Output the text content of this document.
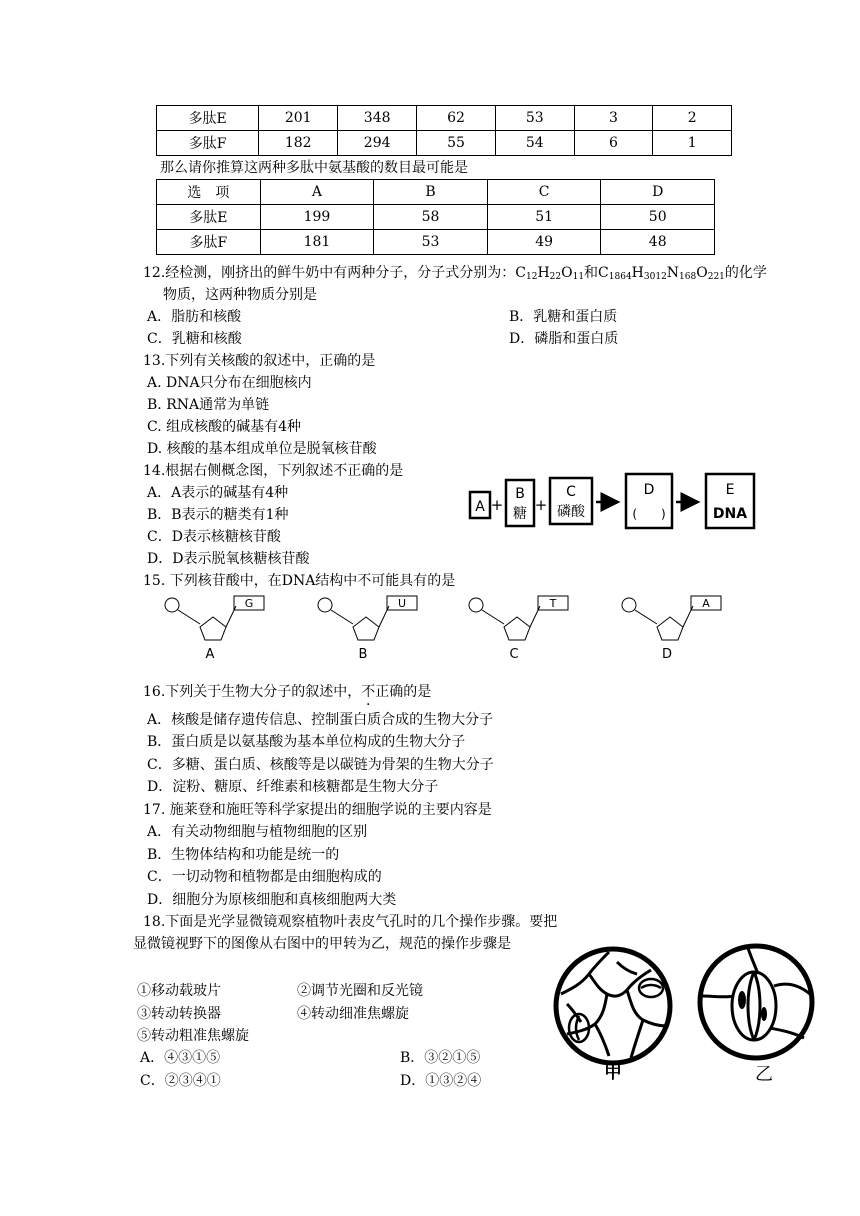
多肽E	201	348	62	53	3	2
多肽F	182	294	55	54	6	1
那么请你推算这两种多肽中氨基酸的数目最可能是
选　项	A	B	C	D
多肽E	199	58	51	50
多肽F	181	53	49	48
12.经检测，刚挤出的鲜牛奶中有两种分子，分子式分别为：$C_{12}H_{22}O_{11}$和$C_{1864}H_{3012}N_{168}O_{221}$的化学
物质，这两种物质分别是
A．脂肪和核酸	B．乳糖和蛋白质
C．乳糖和核酸	D．磷脂和蛋白质
13.下列有关核酸的叙述中，正确的是
A. DNA只分布在细胞核内
B. RNA通常为单链
C. 组成核酸的碱基有4种
D. 核酸的基本组成单位是脱氧核苷酸
14.根据右侧概念图，下列叙述不正确的是
A．A表示的碱基有4种
B．B表示的糖类有1种
C．D表示核糖核苷酸
D．D表示脱氧核糖核苷酸
A +
B
糖 +
C
磷酸
D
(　　)
E
DNA
15. 下列核苷酸中，在DNA结构中不可能具有的是
G
A
U
B
T
C
A
D
16.下列关于生物大分子的叙述中，不正确的是
A．核酸是储存遗传信息、控制蛋白质合成的生物大分子
B．蛋白质是以氨基酸为基本单位构成的生物大分子
C．多糖、蛋白质、核酸等是以碳链为骨架的生物大分子
D．淀粉、糖原、纤维素和核糖都是生物大分子
17. 施莱登和施旺等科学家提出的细胞学说的主要内容是
A．有关动物细胞与植物细胞的区别
B．生物体结构和功能是统一的
C．一切动物和植物都是由细胞构成的
D．细胞分为原核细胞和真核细胞两大类
18.下面是光学显微镜观察植物叶表皮气孔时的几个操作步骤。要把
显微镜视野下的图像从右图中的甲转为乙，规范的操作步骤是
①移动载玻片	②调节光圈和反光镜
③转动转换器	④转动细准焦螺旋
⑤转动粗准焦螺旋
A．④③①⑤	B．③②①⑤
C．②③④①	D．①③②④	甲	乙
